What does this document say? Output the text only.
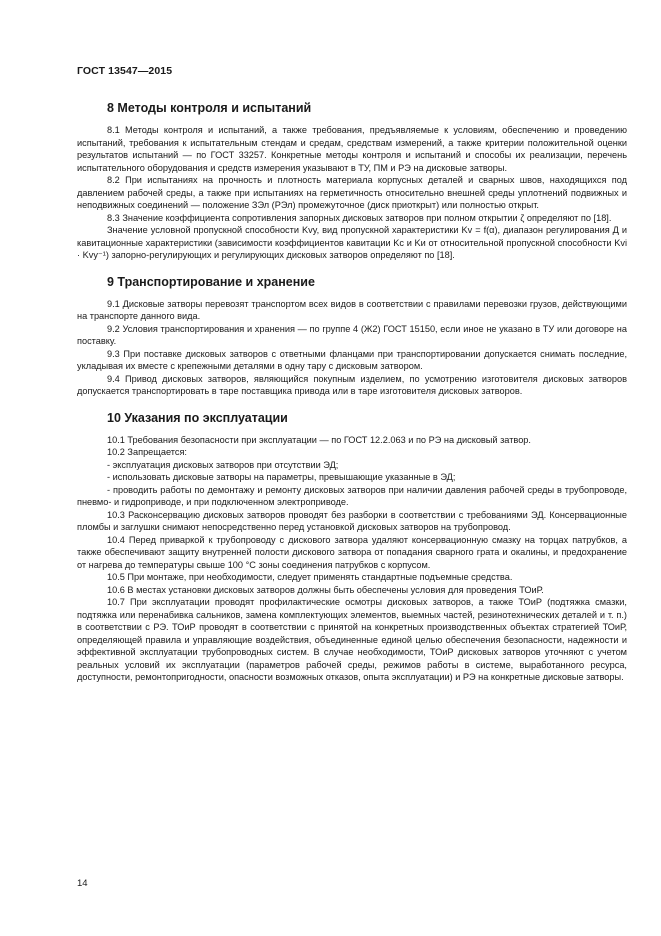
ГОСТ 13547—2015
8 Методы контроля и испытаний

8.1 Методы контроля и испытаний, а также требования, предъявляемые к условиям, обеспечению и проведению испытаний, требования к испытательным стендам и средам, средствам измерений, а также критерии положительной оценки результатов испытаний — по ГОСТ 33257. Конкретные методы контроля и испытаний и способы их реализации, перечень испытательного оборудования и средств измерения указывают в ТУ, ПМ и РЭ на дисковые затворы.

8.2 При испытаниях на прочность и плотность материала корпусных деталей и сварных швов, находящихся под давлением рабочей среды, а также при испытаниях на герметичность относительно внешней среды уплотнений подвижных и неподвижных соединений — положение ЗЭл (РЭл) промежуточное (диск приоткрыт) или полностью открыт.

8.3 Значение коэффициента сопротивления запорных дисковых затворов при полном открытии ζ определяют по [18].

Значение условной пропускной способности Kvy, вид пропускной характеристики Kv = f(α), диапазон регулирования Д и кавитационные характеристики (зависимости коэффициентов кавитации Kc и Kи от относительной пропускной способности Kvi · Kvy⁻¹) запорно-регулирующих и регулирующих дисковых затворов определяют по [18].

9 Транспортирование и хранение

9.1 Дисковые затворы перевозят транспортом всех видов в соответствии с правилами перевозки грузов, действующими на транспорте данного вида.

9.2 Условия транспортирования и хранения — по группе 4 (Ж2) ГОСТ 15150, если иное не указано в ТУ или договоре на поставку.

9.3 При поставке дисковых затворов с ответными фланцами при транспортировании допускается снимать последние, укладывая их вместе с крепежными деталями в одну тару с дисковым затвором.

9.4 Привод дисковых затворов, являющийся покупным изделием, по усмотрению изготовителя дисковых затворов допускается транспортировать в таре поставщика привода или в таре изготовителя дисковых затворов.

10 Указания по эксплуатации

10.1 Требования безопасности при эксплуатации — по ГОСТ 12.2.063 и по РЭ на дисковый затвор.

10.2 Запрещается:

- эксплуатация дисковых затворов при отсутствии ЭД;

- использовать дисковые затворы на параметры, превышающие указанные в ЭД;

- проводить работы по демонтажу и ремонту дисковых затворов при наличии давления рабочей среды в трубопроводе, пневмо- и гидроприводе, и при подключенном электроприводе.

10.3 Расконсервацию дисковых затворов проводят без разборки в соответствии с требованиями ЭД. Консервационные пломбы и заглушки снимают непосредственно перед установкой дисковых затворов на трубопровод.

10.4 Перед приваркой к трубопроводу с дискового затвора удаляют консервационную смазку на торцах патрубков, а также обеспечивают защиту внутренней полости дискового затвора от попадания сварного грата и окалины, и предохранение от нагрева до температуры свыше 100 °С зоны соединения патрубков с корпусом.

10.5 При монтаже, при необходимости, следует применять стандартные подъемные средства.

10.6 В местах установки дисковых затворов должны быть обеспечены условия для проведения ТОиР.

10.7 При эксплуатации проводят профилактические осмотры дисковых затворов, а также ТОиР (подтяжка смазки, подтяжка или перенабивка сальников, замена комплектующих элементов, выемных частей, резинотехнических деталей и т. п.) в соответствии с РЭ. ТОиР проводят в соответствии с принятой на конкретных производственных объектах стратегией ТОиР, определяющей правила и управляющие воздействия, объединенные единой целью обеспечения безопасности, надежности и эффективной эксплуатации трубопроводных систем. В случае необходимости, ТОиР дисковых затворов уточняют с учетом реальных условий их эксплуатации (параметров рабочей среды, режимов работы в системе, выработанного ресурса, доступности, ремонтопригодности, опасности возможных отказов, опыта эксплуатации) и РЭ на конкретные дисковые затворы.

14
